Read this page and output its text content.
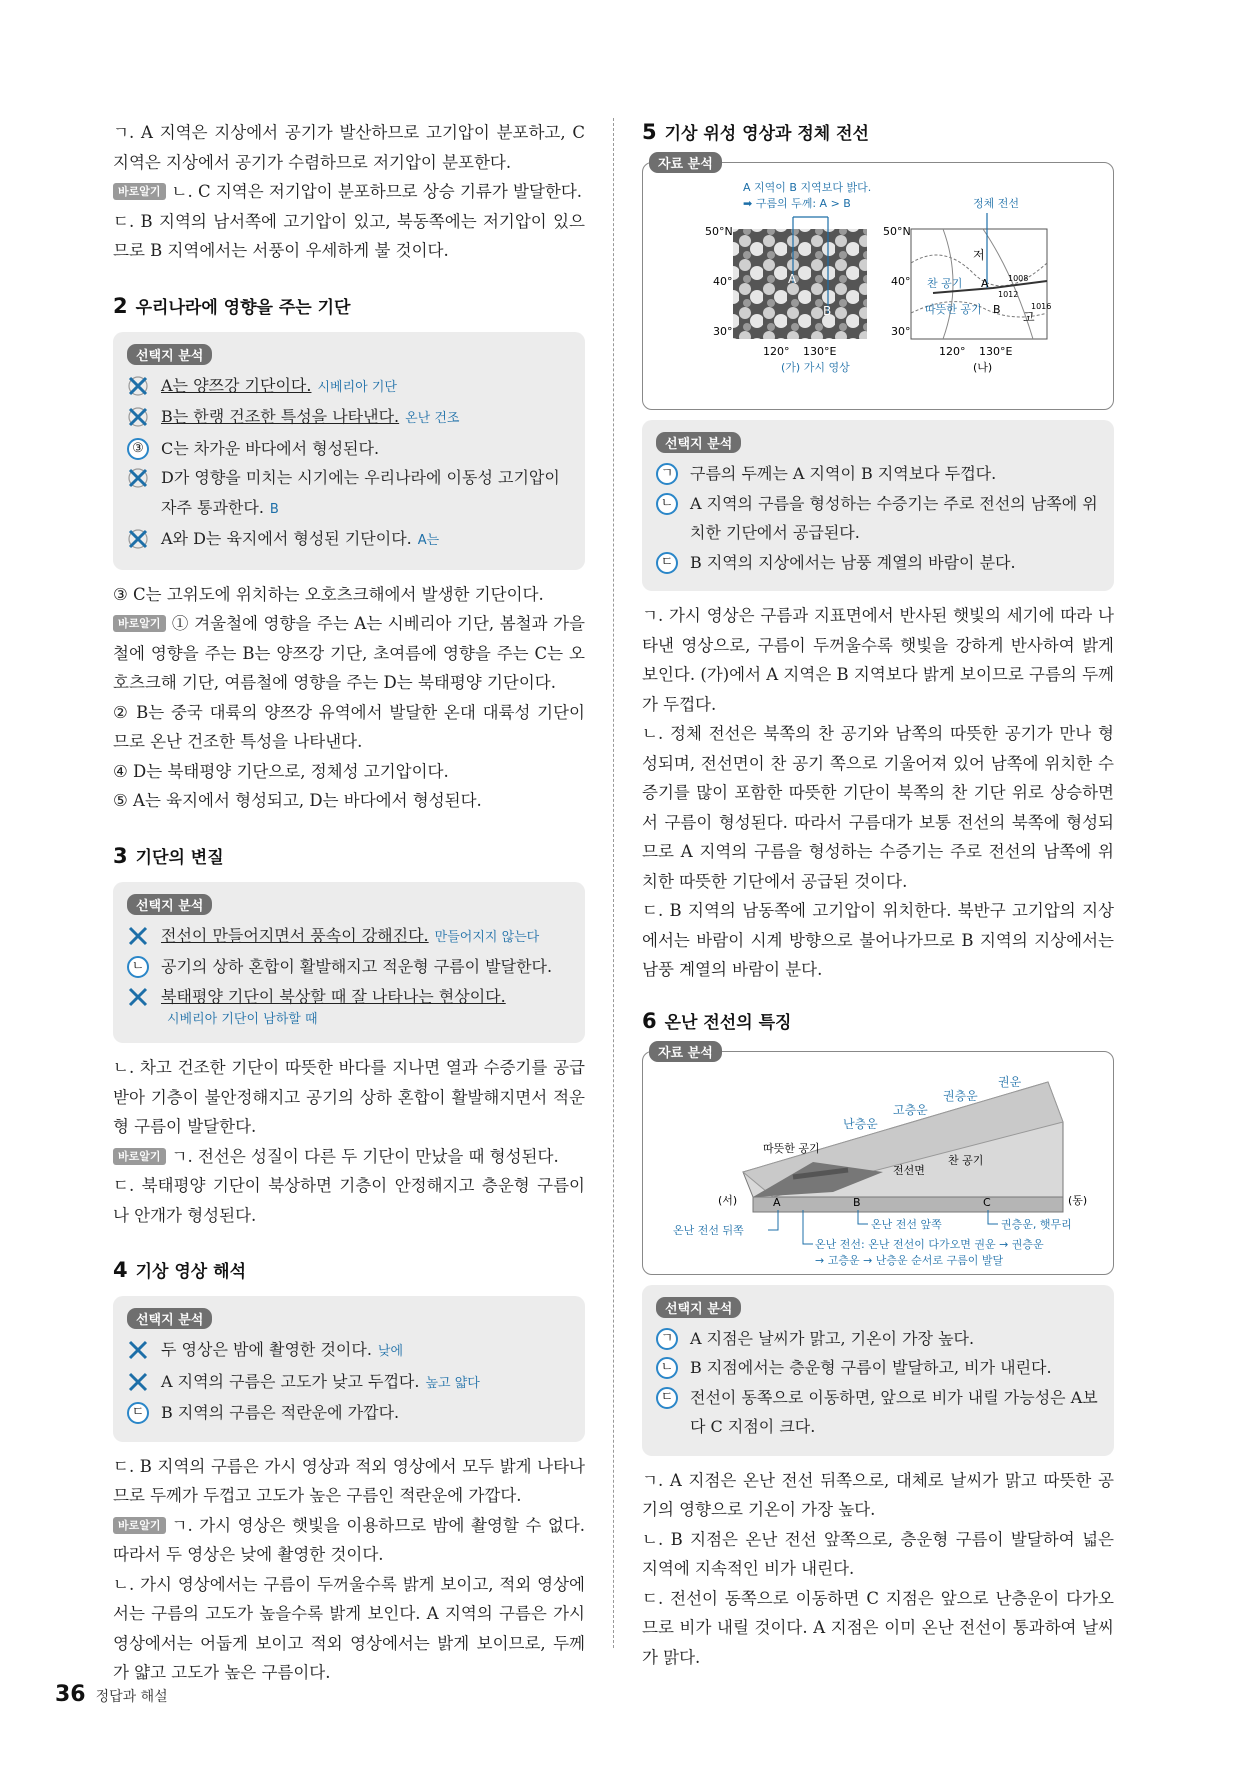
ㄱ. A 지역은 지상에서 공기가 발산하므로 고기압이 분포하고, C 지역은 지상에서 공기가 수렴하므로 저기압이 분포한다.

바로알기 ㄴ. C 지역은 저기압이 분포하므로 상승 기류가 발달한다.

ㄷ. B 지역의 남서쪽에 고기압이 있고, 북동쪽에는 저기압이 있으므로 B 지역에서는 서풍이 우세하게 불 것이다.

2 우리나라에 영향을 주는 기단
선택지 분석
A는 양쯔강 기단이다. 시베리아 기단
B는 한랭 건조한 특성을 나타낸다. 온난 건조
③	C는 차가운 바다에서 형성된다.
D가 영향을 미치는 시기에는 우리나라에 이동성 고기압이 자주 통과한다. B
A와 D는 육지에서 형성된 기단이다. A는

③ C는 고위도에 위치하는 오호츠크해에서 발생한 기단이다.

바로알기 ① 겨울철에 영향을 주는 A는 시베리아 기단, 봄철과 가을철에 영향을 주는 B는 양쯔강 기단, 초여름에 영향을 주는 C는 오호츠크해 기단, 여름철에 영향을 주는 D는 북태평양 기단이다.

② B는 중국 대륙의 양쯔강 유역에서 발달한 온대 대륙성 기단이므로 온난 건조한 특성을 나타낸다.

④ D는 북태평양 기단으로, 정체성 고기압이다.

⑤ A는 육지에서 형성되고, D는 바다에서 형성된다.

3 기단의 변질
선택지 분석
전선이 만들어지면서 풍속이 강해진다. 만들어지지 않는다
ㄴ 공기의 상하 혼합이 활발해지고 적운형 구름이 발달한다.
북태평양 기단이 북상할 때 잘 나타나는 현상이다.
시베리아 기단이 남하할 때

ㄴ. 차고 건조한 기단이 따뜻한 바다를 지나면 열과 수증기를 공급받아 기층이 불안정해지고 공기의 상하 혼합이 활발해지면서 적운형 구름이 발달한다.

바로알기 ㄱ. 전선은 성질이 다른 두 기단이 만났을 때 형성된다.

ㄷ. 북태평양 기단이 북상하면 기층이 안정해지고 층운형 구름이나 안개가 형성된다.

4 기상 영상 해석
선택지 분석
두 영상은 밤에 촬영한 것이다. 낮에
A 지역의 구름은 고도가 낮고 두껍다. 높고 얇다
ㄷ B 지역의 구름은 적란운에 가깝다.

ㄷ. B 지역의 구름은 가시 영상과 적외 영상에서 모두 밝게 나타나므로 두께가 두껍고 고도가 높은 구름인 적란운에 가깝다.

바로알기 ㄱ. 가시 영상은 햇빛을 이용하므로 밤에 촬영할 수 없다. 따라서 두 영상은 낮에 촬영한 것이다.

ㄴ. 가시 영상에서는 구름이 두꺼울수록 밝게 보이고, 적외 영상에서는 구름의 고도가 높을수록 밝게 보인다. A 지역의 구름은 가시 영상에서는 어둡게 보이고 적외 영상에서는 밝게 보이므로, 두께가 얇고 고도가 높은 구름이다.

5 기상 위성 영상과 정체 전선
자료 분석
50°N
40°
30°
120° 130°E
(가) 가시 영상
A 지역이 B 지역보다 밝다.
➡ 구름의 두께: A > B
A
B
50°N
40°
30°
120° 130°E
(나)
정체 전선
저
찬 공기
따뜻한 공기
A
B
고
1008
1012
1016
선택지 분석
ㄱ 구름의 두께는 A 지역이 B 지역보다 두껍다.
ㄴ A 지역의 구름을 형성하는 수증기는 주로 전선의 남쪽에 위치한 기단에서 공급된다.
ㄷ B 지역의 지상에서는 남풍 계열의 바람이 분다.

ㄱ. 가시 영상은 구름과 지표면에서 반사된 햇빛의 세기에 따라 나타낸 영상으로, 구름이 두꺼울수록 햇빛을 강하게 반사하여 밝게 보인다. (가)에서 A 지역은 B 지역보다 밝게 보이므로 구름의 두께가 두껍다.

ㄴ. 정체 전선은 북쪽의 찬 공기와 남쪽의 따뜻한 공기가 만나 형성되며, 전선면이 찬 공기 쪽으로 기울어져 있어 남쪽에 위치한 수증기를 많이 포함한 따뜻한 기단이 북쪽의 찬 기단 위로 상승하면서 구름이 형성된다. 따라서 구름대가 보통 전선의 북쪽에 형성되므로 A 지역의 구름을 형성하는 수증기는 주로 전선의 남쪽에 위치한 따뜻한 기단에서 공급된 것이다.

ㄷ. B 지역의 남동쪽에 고기압이 위치한다. 북반구 고기압의 지상에서는 바람이 시계 방향으로 불어나가므로 B 지역의 지상에서는 남풍 계열의 바람이 분다.

6 온난 전선의 특징
자료 분석
권운
권층운
고층운
난층운
따뜻한 공기
찬 공기
전선면
(서)	(동)
A	B	C
온난 전선 뒤쪽	온난 전선 앞쪽	권층운, 햇무리
온난 전선: 온난 전선이 다가오면 권운 → 권층운
→ 고층운 → 난층운 순서로 구름이 발달
선택지 분석
ㄱ A 지점은 날씨가 맑고, 기온이 가장 높다.
ㄴ B 지점에서는 층운형 구름이 발달하고, 비가 내린다.
ㄷ 전선이 동쪽으로 이동하면, 앞으로 비가 내릴 가능성은 A보다 C 지점이 크다.

ㄱ. A 지점은 온난 전선 뒤쪽으로, 대체로 날씨가 맑고 따뜻한 공기의 영향으로 기온이 가장 높다.

ㄴ. B 지점은 온난 전선 앞쪽으로, 층운형 구름이 발달하여 넓은 지역에 지속적인 비가 내린다.

ㄷ. 전선이 동쪽으로 이동하면 C 지점은 앞으로 난층운이 다가오므로 비가 내릴 것이다. A 지점은 이미 온난 전선이 통과하여 날씨가 맑다.

36 정답과 해설
